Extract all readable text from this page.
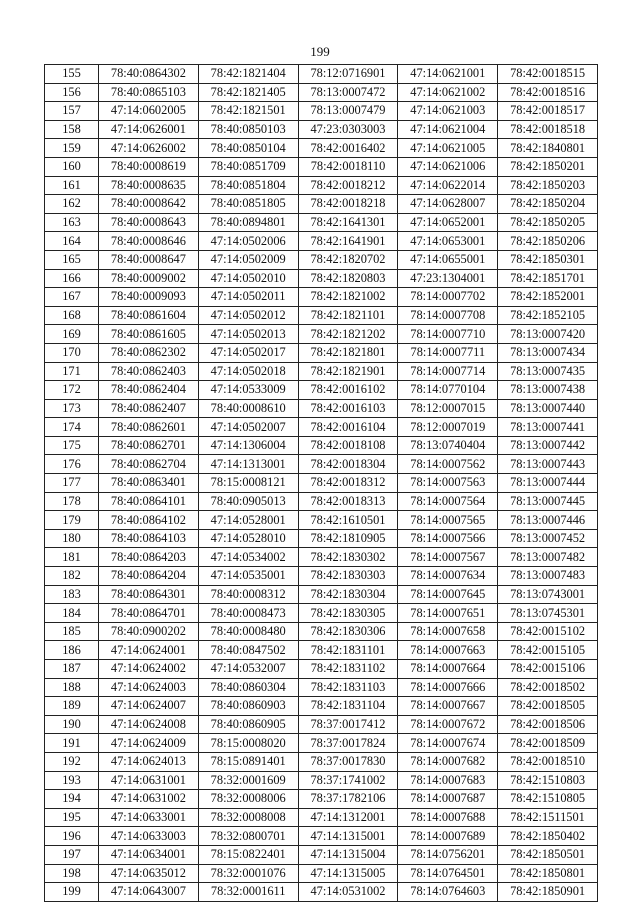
199
155	78:40:0864302	78:42:1821404	78:12:0716901	47:14:0621001	78:42:0018515
156	78:40:0865103	78:42:1821405	78:13:0007472	47:14:0621002	78:42:0018516
157	47:14:0602005	78:42:1821501	78:13:0007479	47:14:0621003	78:42:0018517
158	47:14:0626001	78:40:0850103	47:23:0303003	47:14:0621004	78:42:0018518
159	47:14:0626002	78:40:0850104	78:42:0016402	47:14:0621005	78:42:1840801
160	78:40:0008619	78:40:0851709	78:42:0018110	47:14:0621006	78:42:1850201
161	78:40:0008635	78:40:0851804	78:42:0018212	47:14:0622014	78:42:1850203
162	78:40:0008642	78:40:0851805	78:42:0018218	47:14:0628007	78:42:1850204
163	78:40:0008643	78:40:0894801	78:42:1641301	47:14:0652001	78:42:1850205
164	78:40:0008646	47:14:0502006	78:42:1641901	47:14:0653001	78:42:1850206
165	78:40:0008647	47:14:0502009	78:42:1820702	47:14:0655001	78:42:1850301
166	78:40:0009002	47:14:0502010	78:42:1820803	47:23:1304001	78:42:1851701
167	78:40:0009093	47:14:0502011	78:42:1821002	78:14:0007702	78:42:1852001
168	78:40:0861604	47:14:0502012	78:42:1821101	78:14:0007708	78:42:1852105
169	78:40:0861605	47:14:0502013	78:42:1821202	78:14:0007710	78:13:0007420
170	78:40:0862302	47:14:0502017	78:42:1821801	78:14:0007711	78:13:0007434
171	78:40:0862403	47:14:0502018	78:42:1821901	78:14:0007714	78:13:0007435
172	78:40:0862404	47:14:0533009	78:42:0016102	78:14:0770104	78:13:0007438
173	78:40:0862407	78:40:0008610	78:42:0016103	78:12:0007015	78:13:0007440
174	78:40:0862601	47:14:0502007	78:42:0016104	78:12:0007019	78:13:0007441
175	78:40:0862701	47:14:1306004	78:42:0018108	78:13:0740404	78:13:0007442
176	78:40:0862704	47:14:1313001	78:42:0018304	78:14:0007562	78:13:0007443
177	78:40:0863401	78:15:0008121	78:42:0018312	78:14:0007563	78:13:0007444
178	78:40:0864101	78:40:0905013	78:42:0018313	78:14:0007564	78:13:0007445
179	78:40:0864102	47:14:0528001	78:42:1610501	78:14:0007565	78:13:0007446
180	78:40:0864103	47:14:0528010	78:42:1810905	78:14:0007566	78:13:0007452
181	78:40:0864203	47:14:0534002	78:42:1830302	78:14:0007567	78:13:0007482
182	78:40:0864204	47:14:0535001	78:42:1830303	78:14:0007634	78:13:0007483
183	78:40:0864301	78:40:0008312	78:42:1830304	78:14:0007645	78:13:0743001
184	78:40:0864701	78:40:0008473	78:42:1830305	78:14:0007651	78:13:0745301
185	78:40:0900202	78:40:0008480	78:42:1830306	78:14:0007658	78:42:0015102
186	47:14:0624001	78:40:0847502	78:42:1831101	78:14:0007663	78:42:0015105
187	47:14:0624002	47:14:0532007	78:42:1831102	78:14:0007664	78:42:0015106
188	47:14:0624003	78:40:0860304	78:42:1831103	78:14:0007666	78:42:0018502
189	47:14:0624007	78:40:0860903	78:42:1831104	78:14:0007667	78:42:0018505
190	47:14:0624008	78:40:0860905	78:37:0017412	78:14:0007672	78:42:0018506
191	47:14:0624009	78:15:0008020	78:37:0017824	78:14:0007674	78:42:0018509
192	47:14:0624013	78:15:0891401	78:37:0017830	78:14:0007682	78:42:0018510
193	47:14:0631001	78:32:0001609	78:37:1741002	78:14:0007683	78:42:1510803
194	47:14:0631002	78:32:0008006	78:37:1782106	78:14:0007687	78:42:1510805
195	47:14:0633001	78:32:0008008	47:14:1312001	78:14:0007688	78:42:1511501
196	47:14:0633003	78:32:0800701	47:14:1315001	78:14:0007689	78:42:1850402
197	47:14:0634001	78:15:0822401	47:14:1315004	78:14:0756201	78:42:1850501
198	47:14:0635012	78:32:0001076	47:14:1315005	78:14:0764501	78:42:1850801
199	47:14:0643007	78:32:0001611	47:14:0531002	78:14:0764603	78:42:1850901
